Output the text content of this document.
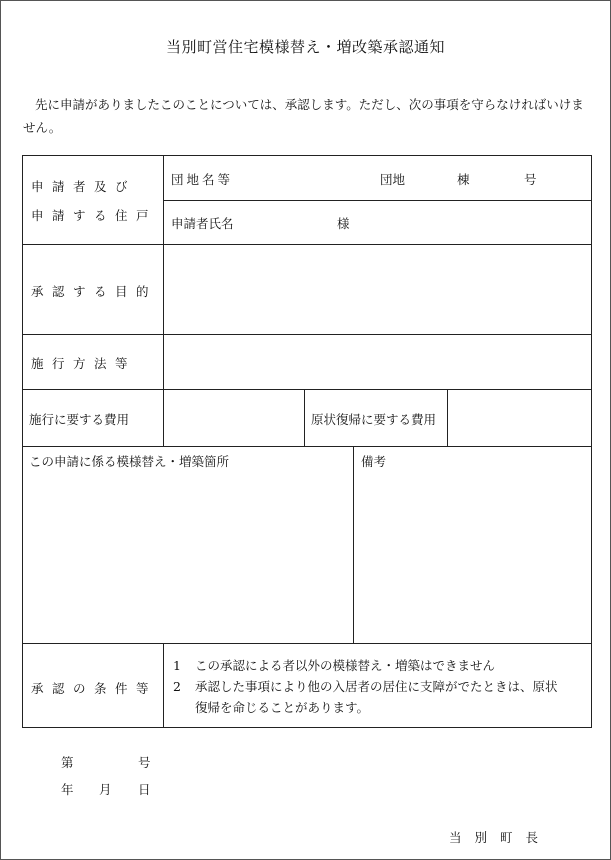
当別町営住宅模様替え・増改築承認通知
先に申請がありましたこのことについては、承認します。ただし、次の事項を守らなければいけません。
申請者及び
申請する住戸
団地名等	団地	棟	号
申請者氏名	様
承認する目的
施行方法等
施行に要する費用	原状復帰に要する費用
この申請に係る模様替え・増築箇所	備考
承認の条件等
1 この承認による者以外の模様替え・増築はできません
2 承認した事項により他の入居者の居住に支障がでたときは、原状
復帰を命じることがあります。
第	号
年 月 日
当別町長
